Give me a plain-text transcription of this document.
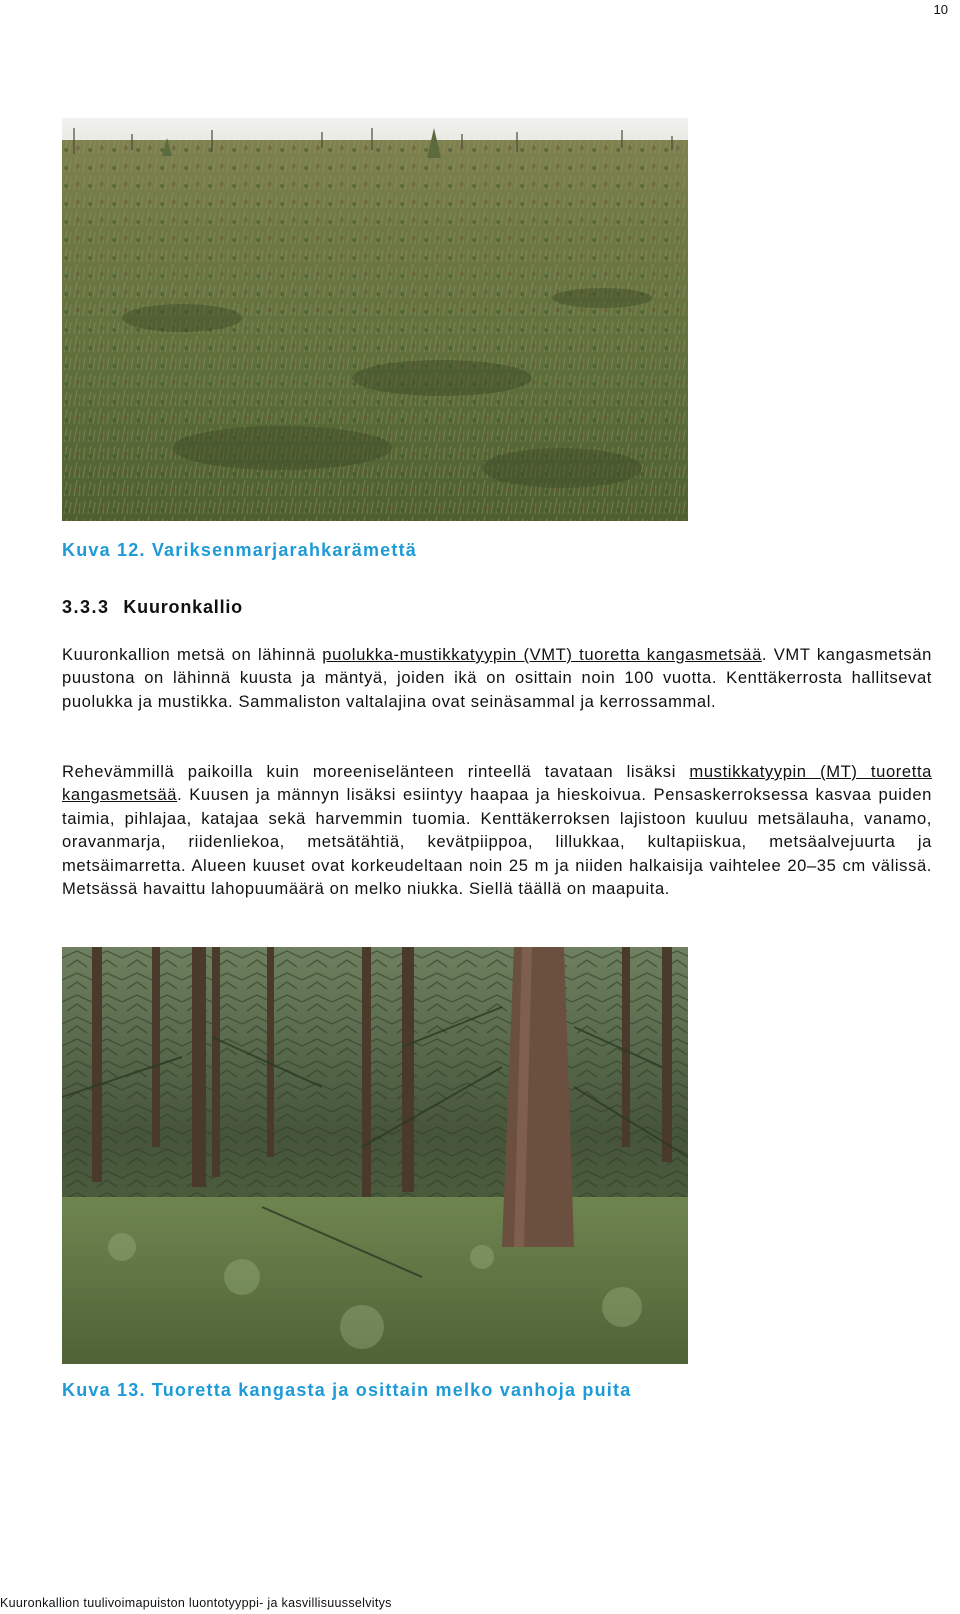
10
Kuva 12. Variksenmarjarahkarämettä
3.3.3 Kuuronkallio

Kuuronkallion metsä on lähinnä puolukka-mustikkatyypin (VMT) tuoretta kangasmetsää. VMT kangasmetsän puustona on lähinnä kuusta ja mäntyä, joiden ikä on osittain noin 100 vuotta. Kenttäkerrosta hallitsevat puolukka ja mustikka. Sammaliston valtalajina ovat seinäsammal ja kerrossammal.

Rehevämmillä paikoilla kuin moreeniselänteen rinteellä tavataan lisäksi mustikkatyypin (MT) tuoretta kangasmetsää. Kuusen ja männyn lisäksi esiintyy haapaa ja hieskoivua. Pensaskerroksessa kasvaa puiden taimia, pihlajaa, katajaa sekä harvemmin tuomia. Kenttäkerroksen lajistoon kuuluu metsälauha, vanamo, oravanmarja, riidenliekoa, metsätähtiä, kevätpiippoa, lillukkaa, kultapiiskua, metsäalvejuurta ja metsäimarretta. Alueen kuuset ovat korkeudeltaan noin 25 m ja niiden halkaisija vaihtelee 20–35 cm välissä. Metsässä havaittu lahopuumäärä on melko niukka. Siellä täällä on maapuita.

Kuva 13. Tuoretta kangasta ja osittain melko vanhoja puita
Kuuronkallion tuulivoimapuiston luontotyyppi- ja kasvillisuusselvitys
